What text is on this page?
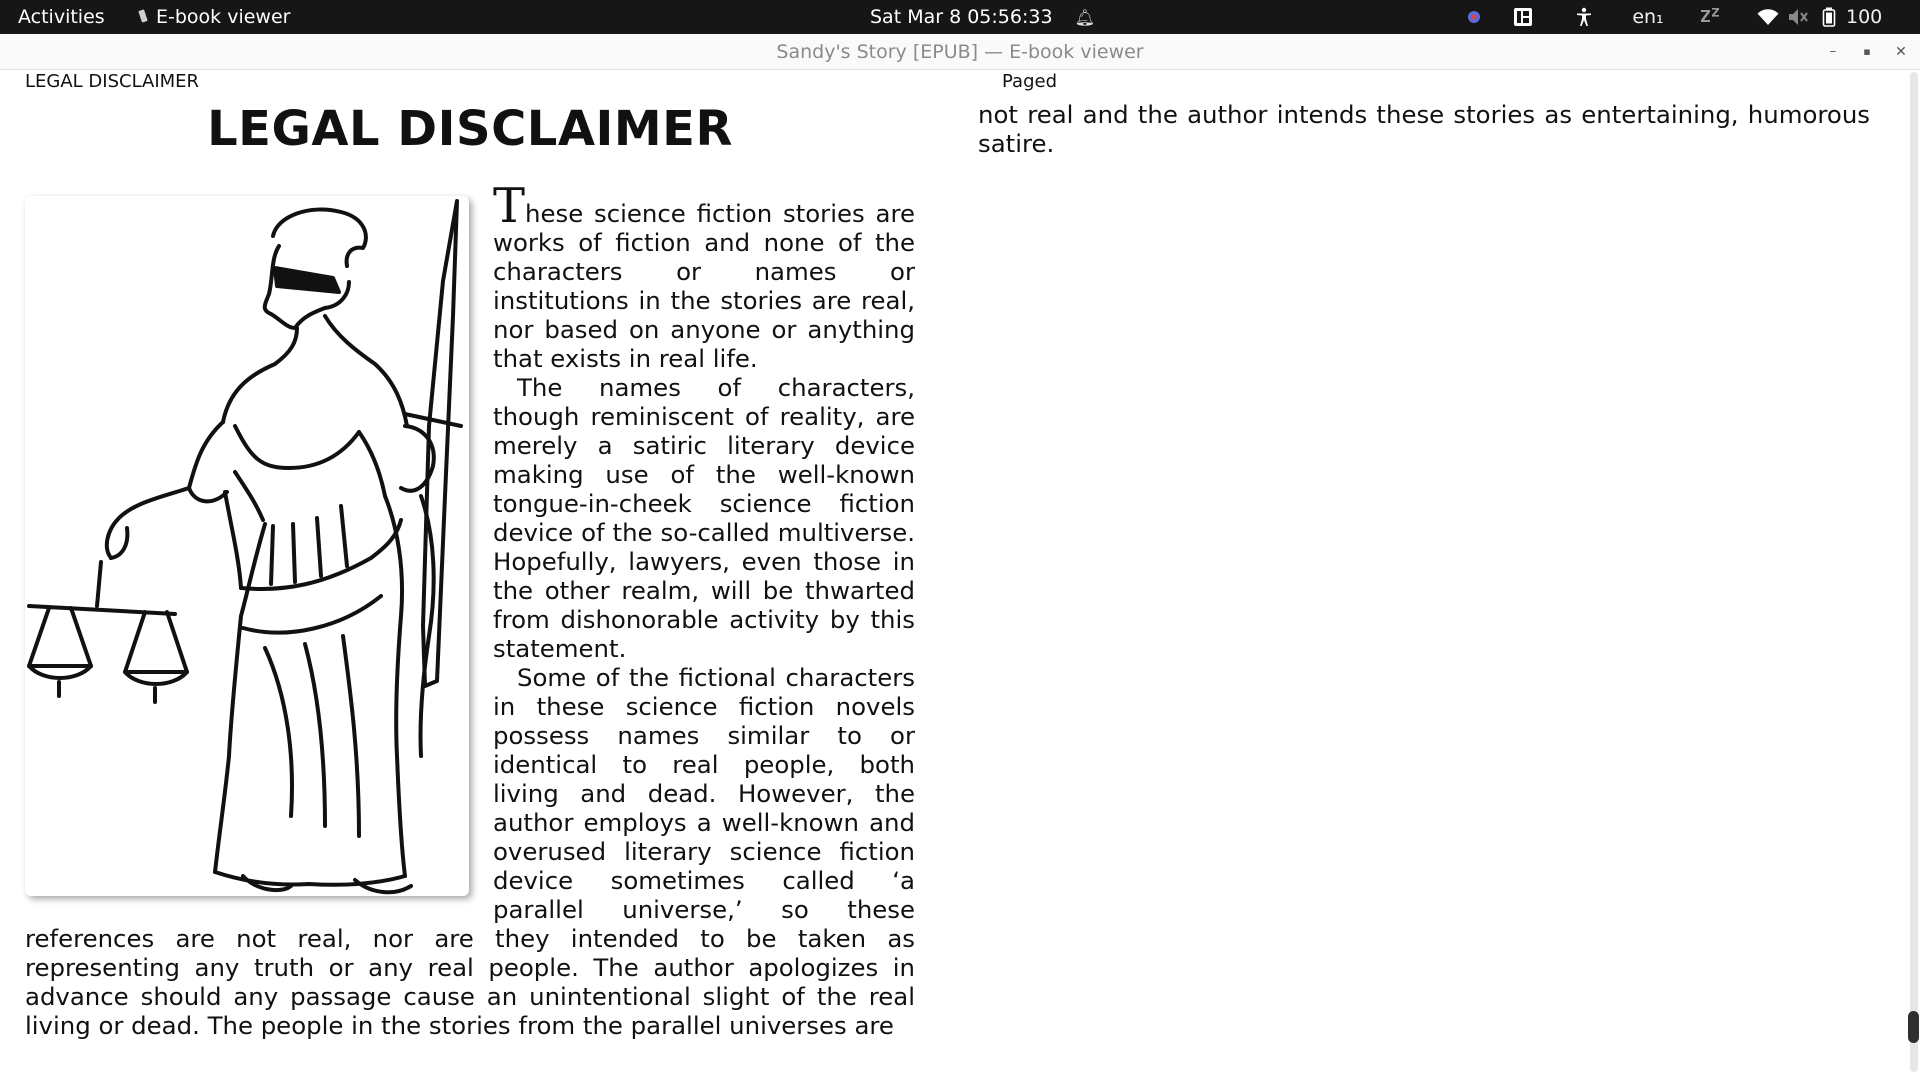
Activities	E-book viewer	Sat Mar 8 05:56:33 🔔︎	en₁	100
Sandy's Story [EPUB] — E-book viewer	–	▪	✕
LEGAL DISCLAIMER	Paged
LEGAL DISCLAIMER

These science fiction stories are works of fiction and none of the characters or names or institutions in the stories are real, nor based on anyone or anything that exists in real life.

The names of characters, though reminiscent of reality, are merely a satiric literary device making use of the well-known tongue-in-cheek science fiction device of the so-called multiverse. Hopefully, lawyers, even those in the other realm, will be thwarted from dishonorable activity by this statement.

Some of the fictional characters in these science fiction novels possess names similar to or identical to real people, both living and dead. However, the author employs a well-known and overused literary science fiction device sometimes called ‘a parallel universe,’ so these references are not real, nor are they intended to be taken as representing any truth or any real people. The author apologizes in advance should any passage cause an unintentional slight of the real living or dead. The people in the stories from the parallel universes are

not real and the author intends these stories as entertaining, humorous satire.
